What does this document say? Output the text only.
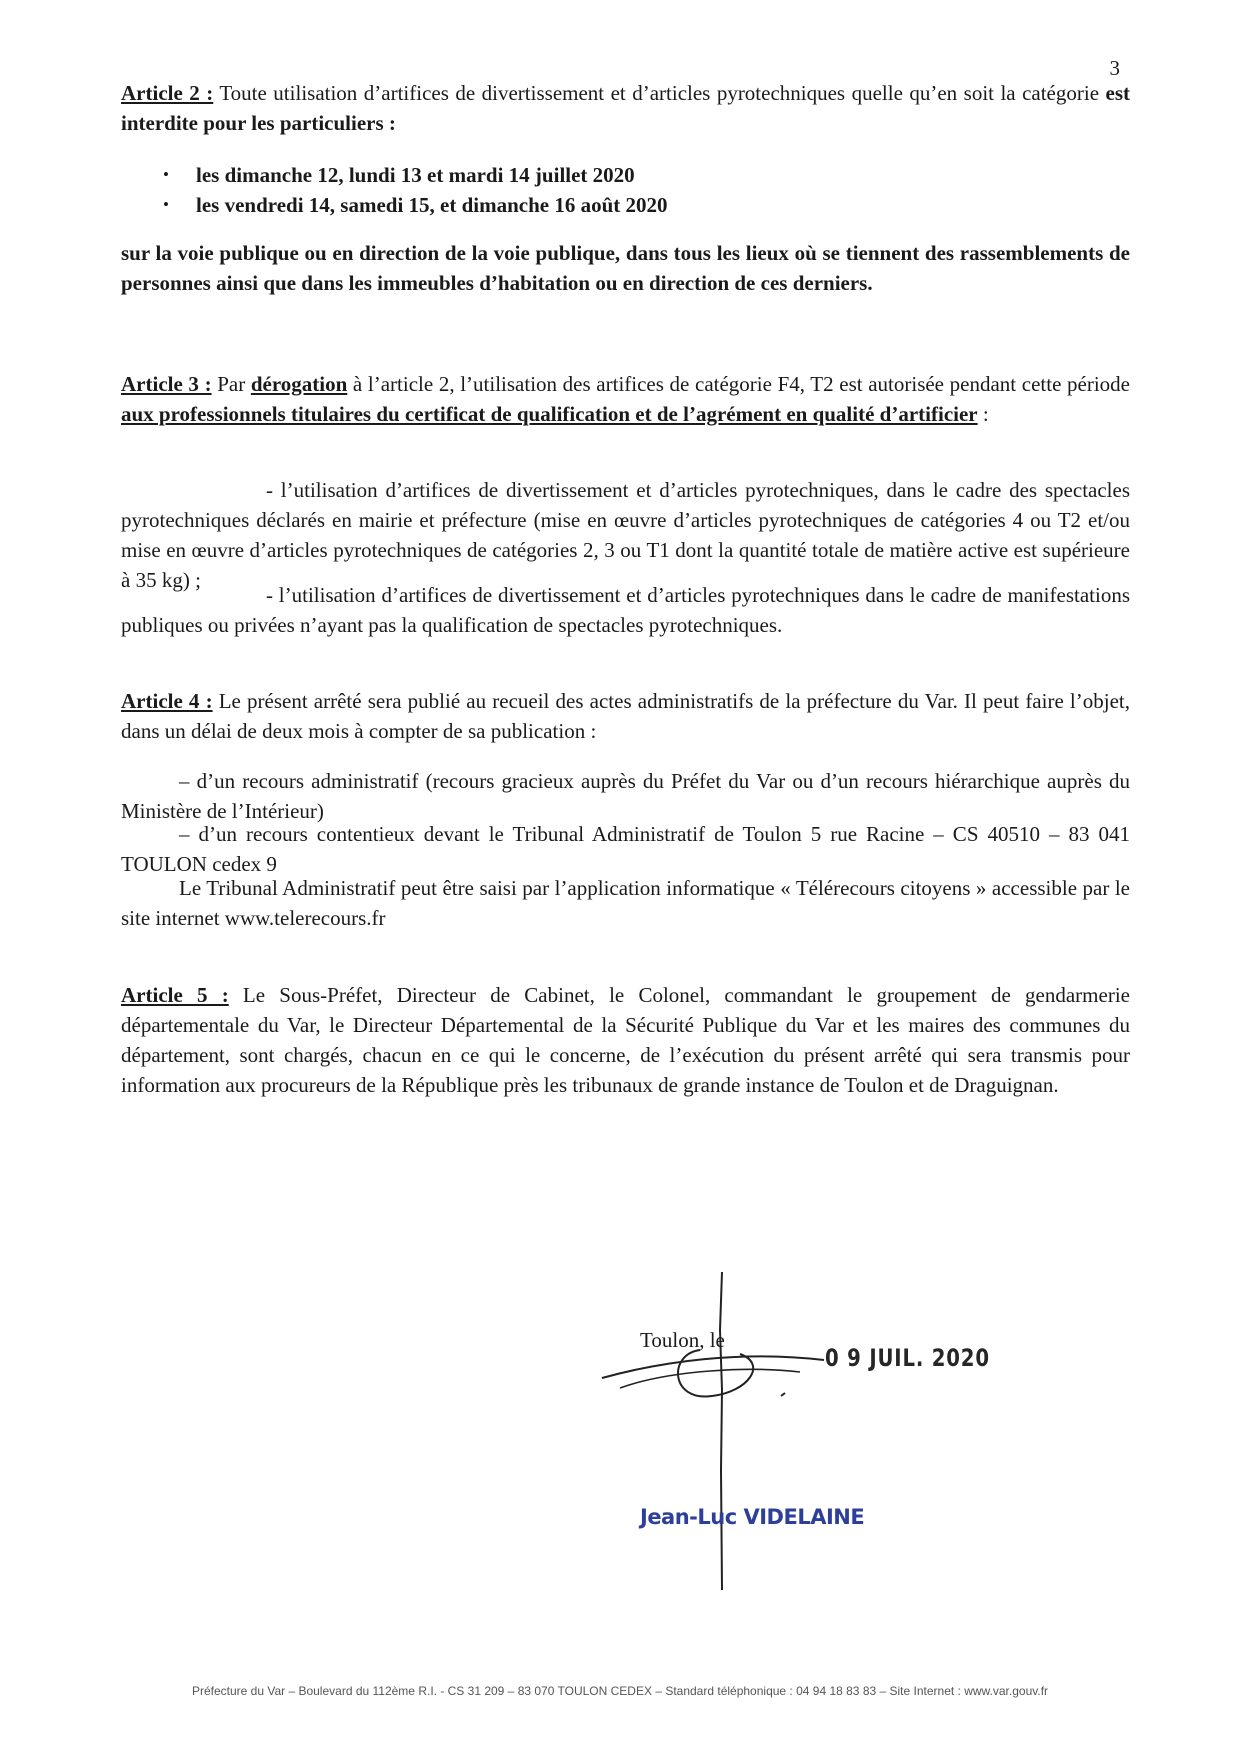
3
Article 2 : Toute utilisation d’artifices de divertissement et d’articles pyrotechniques quelle qu’en soit la catégorie est interdite pour les particuliers :
• les dimanche 12, lundi 13 et mardi 14 juillet 2020
• les vendredi 14, samedi 15, et dimanche 16 août 2020
sur la voie publique ou en direction de la voie publique, dans tous les lieux où se tiennent des rassemblements de personnes ainsi que dans les immeubles d’habitation ou en direction de ces derniers.
Article 3 : Par dérogation à l’article 2, l’utilisation des artifices de catégorie F4, T2 est autorisée pendant cette période aux professionnels titulaires du certificat de qualification et de l’agrément en qualité d’artificier :
- l’utilisation d’artifices de divertissement et d’articles pyrotechniques, dans le cadre des spectacles pyrotechniques déclarés en mairie et préfecture (mise en œuvre d’articles pyrotechniques de catégories 4 ou T2 et/ou mise en œuvre d’articles pyrotechniques de catégories 2, 3 ou T1 dont la quantité totale de matière active est supérieure à 35 kg) ;
- l’utilisation d’artifices de divertissement et d’articles pyrotechniques dans le cadre de manifestations publiques ou privées n’ayant pas la qualification de spectacles pyrotechniques.
Article 4 : Le présent arrêté sera publié au recueil des actes administratifs de la préfecture du Var. Il peut faire l’objet, dans un délai de deux mois à compter de sa publication :
– d’un recours administratif (recours gracieux auprès du Préfet du Var ou d’un recours hiérarchique auprès du Ministère de l’Intérieur)
– d’un recours contentieux devant le Tribunal Administratif de Toulon 5 rue Racine – CS 40510 – 83 041 TOULON cedex 9
Le Tribunal Administratif peut être saisi par l’application informatique « Télérecours citoyens » accessible par le site internet www.telerecours.fr
Article 5 : Le Sous-Préfet, Directeur de Cabinet, le Colonel, commandant le groupement de gendarmerie départementale du Var, le Directeur Départemental de la Sécurité Publique du Var et les maires des communes du département, sont chargés, chacun en ce qui le concerne, de l’exécution du présent arrêté qui sera transmis pour information aux procureurs de la République près les tribunaux de grande instance de Toulon et de Draguignan.
Toulon, le
0 9 JUIL. 2020
Jean-Luc VIDELAINE
Préfecture du Var – Boulevard du 112ème R.I. - CS 31 209 – 83 070 TOULON CEDEX – Standard téléphonique : 04 94 18 83 83 – Site Internet : www.var.gouv.fr
